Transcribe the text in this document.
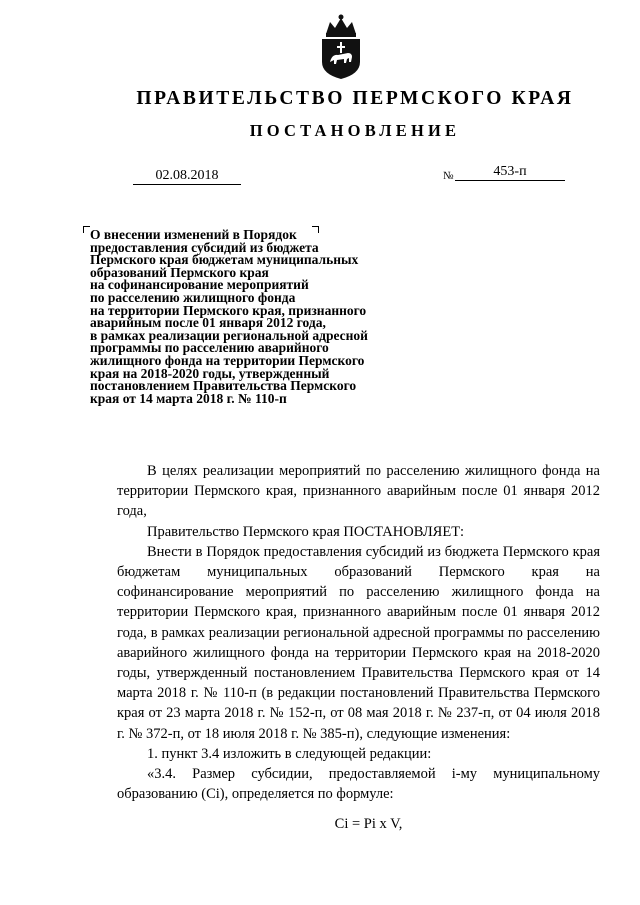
ПРАВИТЕЛЬСТВО ПЕРМСКОГО КРАЯ
ПОСТАНОВЛЕНИЕ
02.08.2018	№	453-п
О внесении изменений в Порядок
предоставления субсидий из бюджета
Пермского края бюджетам муниципальных
образований Пермского края
на софинансирование мероприятий
по расселению жилищного фонда
на территории Пермского края, признанного
аварийным после 01 января 2012 года,
в рамках реализации региональной адресной
программы по расселению аварийного
жилищного фонда на территории Пермского
края на 2018-2020 годы, утвержденный
постановлением Правительства Пермского
края от 14 марта 2018 г. № 110-п
В целях реализации мероприятий по расселению жилищного фонда на территории Пермского края, признанного аварийным после 01 января 2012 года,
Правительство Пермского края ПОСТАНОВЛЯЕТ:
Внести в Порядок предоставления субсидий из бюджета Пермского края бюджетам муниципальных образований Пермского края на софинансирование мероприятий по расселению жилищного фонда на территории Пермского края, признанного аварийным после 01 января 2012 года, в рамках реализации региональной адресной программы по расселению аварийного жилищного фонда на территории Пермского края на 2018-2020 годы, утвержденный постановлением Правительства Пермского края от 14 марта 2018 г. № 110-п (в редакции постановлений Правительства Пермского края от 23 марта 2018 г. № 152-п, от 08 мая 2018 г. № 237-п, от 04 июля 2018 г. № 372-п, от 18 июля 2018 г. № 385-п), следующие изменения:
1. пункт 3.4 изложить в следующей редакции:
«3.4. Размер субсидии, предоставляемой i-му муниципальному образованию (Ci), определяется по формуле:
Ci = Pi x V,
